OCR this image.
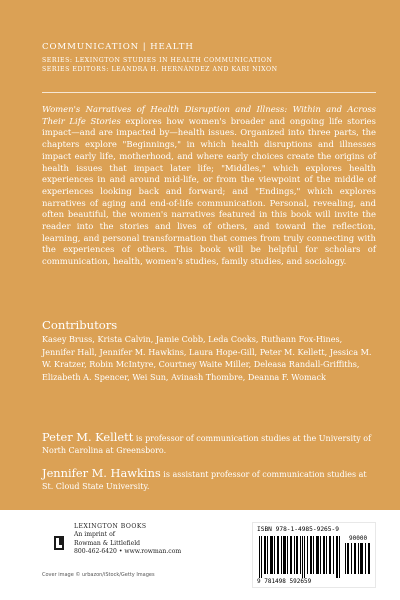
COMMUNICATION | HEALTH
SERIES: LEXINGTON STUDIES IN HEALTH COMMUNICATION
SERIES EDITORS: LEANDRA H. HERNÁNDEZ AND KARI NIXON
Women's Narratives of Health Disruption and Illness: Within and Across Their Life Stories explores how women's broader and ongoing life stories impact—and are impacted by—health issues. Organized into three parts, the chapters explore "Beginnings," in which health disruptions and illnesses impact early life, motherhood, and where early choices create the origins of health issues that impact later life; "Middles," which explores health experiences in and around mid-life, or from the viewpoint of the middle of experiences looking back and forward; and "Endings," which explores narratives of aging and end-of-life communication. Personal, revealing, and often beautiful, the women's narratives featured in this book will invite the reader into the stories and lives of others, and toward the reflection, learning, and personal transformation that comes from truly connecting with the experiences of others. This book will be helpful for scholars of communication, health, women's studies, family studies, and sociology.
Contributors
Kasey Bruss, Krista Calvin, Jamie Cobb, Leda Cooks, Ruthann Fox-Hines, Jennifer Hall, Jennifer M. Hawkins, Laura Hope-Gill, Peter M. Kellett, Jessica M. W. Kratzer, Robin McIntyre, Courtney Waite Miller, Deleasa Randall-Griffiths, Elizabeth A. Spencer, Wei Sun, Avinash Thombre, Deanna F. Womack
Peter M. Kellett is professor of communication studies at the University of North Carolina at Greensboro.
Jennifer M. Hawkins is assistant professor of communication studies at St. Cloud State University.
LEXINGTON BOOKS
An imprint of
Rowman & Littlefield
800-462-6420 • www.rowman.com
Cover image © urbazon/iStock/Getty Images
ISBN 978-1-4985-9265-9
90000
9 781498 592659
